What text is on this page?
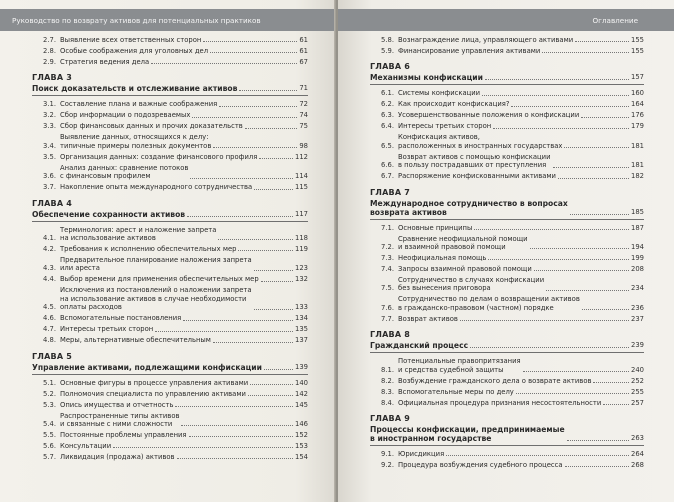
Руководство по возврату активов для потенциальных практиков
2.7. Выявление всех ответственных сторон	61
2.8. Особые соображения для уголовных дел	61
2.9. Стратегия ведения дела	67
ГЛАВА 3
Поиск доказательств и отслеживание активов	71
3.1. Составление плана и важные соображения	72
3.2. Сбор информации о подозреваемых	74
3.3. Сбор финансовых данных и прочих доказательств	75
3.4.
Выявление данных, относящихся к делу:
типичные примеры полезных документов	98
3.5. Организация данных: создание финансового профиля	112
3.6.
Анализ данных: сравнение потоков
с финансовым профилем	114
3.7. Накопление опыта международного сотрудничества	115
ГЛАВА 4
Обеспечение сохранности активов	117
4.1.
Терминология: арест и наложение запрета
на использование активов	118
4.2. Требования к исполнению обеспечительных мер	119
4.3.
Предварительное планирование наложения запрета
или ареста	123
4.4. Выбор времени для применения обеспечительных мер	132
4.5.
Исключения из постановлений о наложении запрета
на использование активов в случае необходимости
оплаты расходов	133
4.6. Вспомогательные постановления	134
4.7. Интересы третьих сторон	135
4.8. Меры, альтернативные обеспечительным	137
ГЛАВА 5
Управление активами, подлежащими конфискации	139
5.1. Основные фигуры в процессе управления активами	140
5.2. Полномочия специалиста по управлению активами	142
5.3. Опись имущества и отчетность	145
5.4.
Распространенные типы активов
и связанные с ними сложности	146
5.5. Постоянные проблемы управления	152
5.6. Консультации	153
5.7. Ликвидация (продажа) активов	154
Оглавление
5.8. Вознаграждение лица, управляющего активами	155
5.9. Финансирование управления активами	155
ГЛАВА 6
Механизмы конфискации	157
6.1. Системы конфискации	160
6.2. Как происходит конфискация?	164
6.3. Усовершенствованные положения о конфискации	176
6.4. Интересы третьих сторон	179
6.5.
Конфискация активов,
расположенных в иностранных государствах	181
6.6.
Возврат активов с помощью конфискации
в пользу пострадавших от преступления	181
6.7. Распоряжение конфискованными активами	182
ГЛАВА 7
Международное сотрудничество в вопросах
возврата активов	185
7.1. Основные принципы	187
7.2.
Сравнение неофициальной помощи
и взаимной правовой помощи	194
7.3. Неофициальная помощь	199
7.4. Запросы взаимной правовой помощи	208
7.5.
Сотрудничество в случаях конфискации
без вынесения приговора	234
7.6.
Сотрудничество по делам о возвращении активов
в гражданско-правовом (частном) порядке	236
7.7. Возврат активов	237
ГЛАВА 8
Гражданский процесс	239
8.1.
Потенциальные правопритязания
и средства судебной защиты	240
8.2. Возбуждение гражданского дела о возврате активов	252
8.3. Вспомогательные меры по делу	255
8.4. Официальная процедура признания несостоятельности	257
ГЛАВА 9
Процессы конфискации, предпринимаемые
в иностранном государстве	263
9.1. Юрисдикция	264
9.2. Процедура возбуждения судебного процесса	268
